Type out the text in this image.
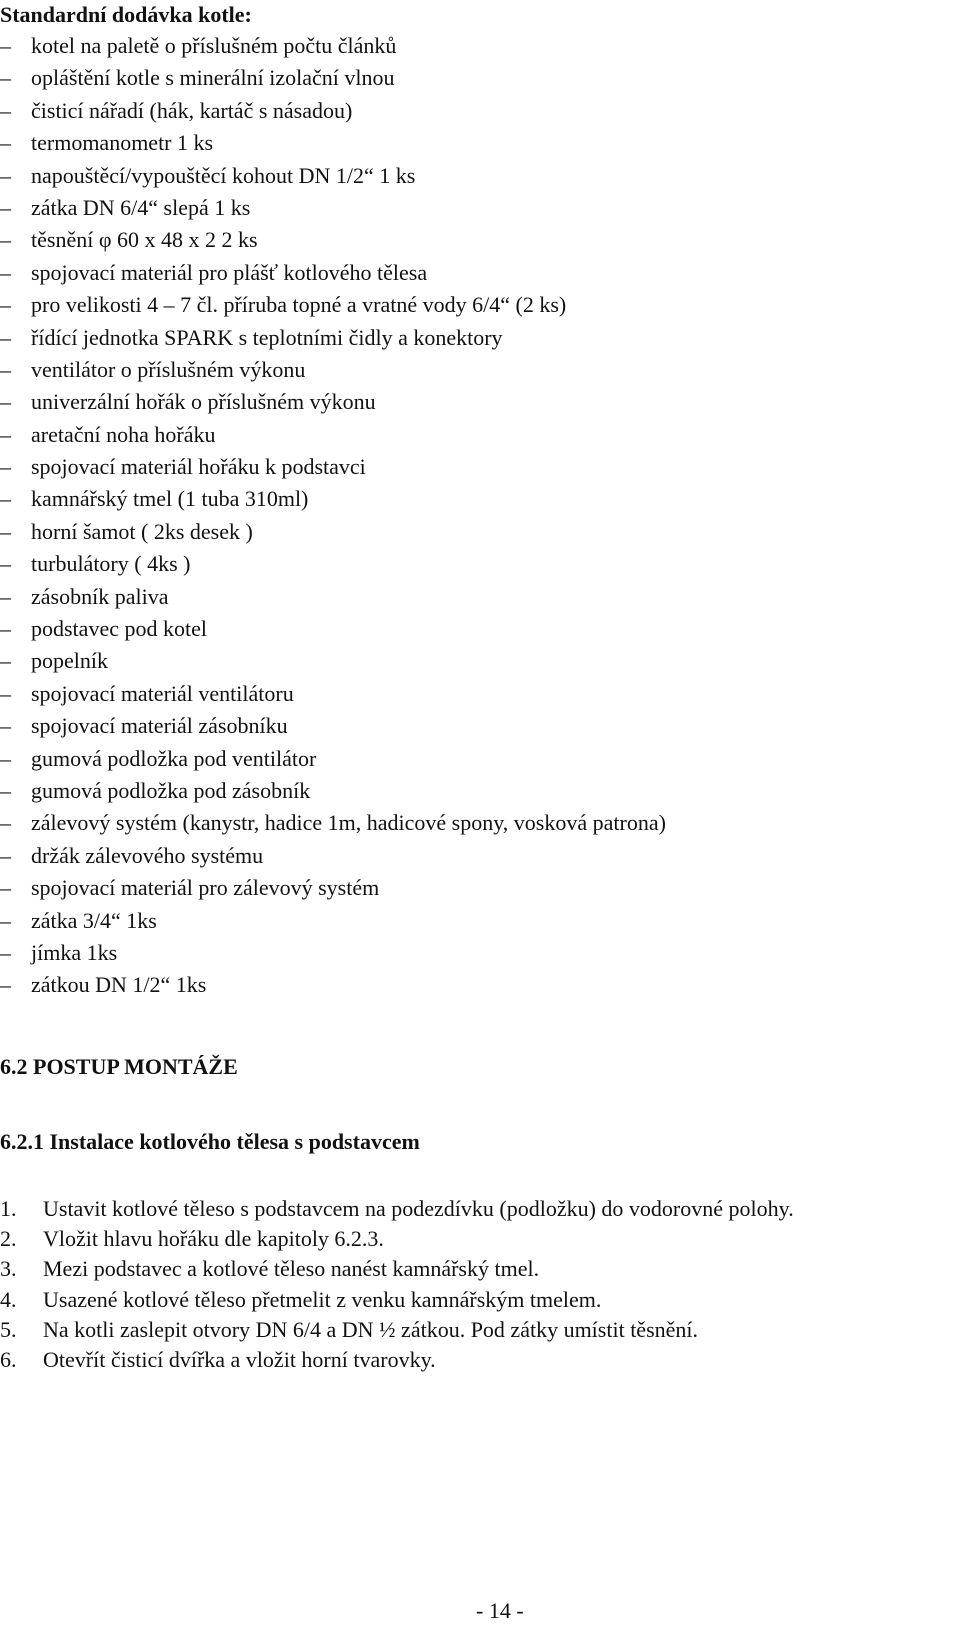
Standardní dodávka kotle:
– kotel na paletě o příslušném počtu článků
– opláštění kotle s minerální izolační vlnou
– čisticí nářadí (hák, kartáč s násadou)
– termomanometr 1 ks
– napouštěcí/vypouštěcí kohout DN 1/2“ 1 ks
– zátka DN 6/4“ slepá 1 ks
– těsnění φ 60 x 48 x 2 2 ks
– spojovací materiál pro plášť kotlového tělesa
– pro velikosti 4 – 7 čl. příruba topné a vratné vody 6/4“ (2 ks)
– řídící jednotka SPARK s teplotními čidly a konektory
– ventilátor o příslušném výkonu
– univerzální hořák o příslušném výkonu
– aretační noha hořáku
– spojovací materiál hořáku k podstavci
– kamnářský tmel (1 tuba 310ml)
– horní šamot ( 2ks desek )
– turbulátory ( 4ks )
– zásobník paliva
– podstavec pod kotel
– popelník
– spojovací materiál ventilátoru
– spojovací materiál zásobníku
– gumová podložka pod ventilátor
– gumová podložka pod zásobník
– zálevový systém (kanystr, hadice 1m, hadicové spony, vosková patrona)
– držák zálevového systému
– spojovací materiál pro zálevový systém
– zátka 3/4“ 1ks
– jímka 1ks
– zátkou DN 1/2“ 1ks
6.2 POSTUP MONTÁŽE
6.2.1 Instalace kotlového tělesa s podstavcem
1. Ustavit kotlové těleso s podstavcem na podezdívku (podložku) do vodorovné polohy.
2. Vložit hlavu hořáku dle kapitoly 6.2.3.
3. Mezi podstavec a kotlové těleso nanést kamnářský tmel.
4. Usazené kotlové těleso přetmelit z venku kamnářským tmelem.
5. Na kotli zaslepit otvory DN 6/4 a DN ½ zátkou. Pod zátky umístit těsnění.
6. Otevřít čisticí dvířka a vložit horní tvarovky.
- 14 -
